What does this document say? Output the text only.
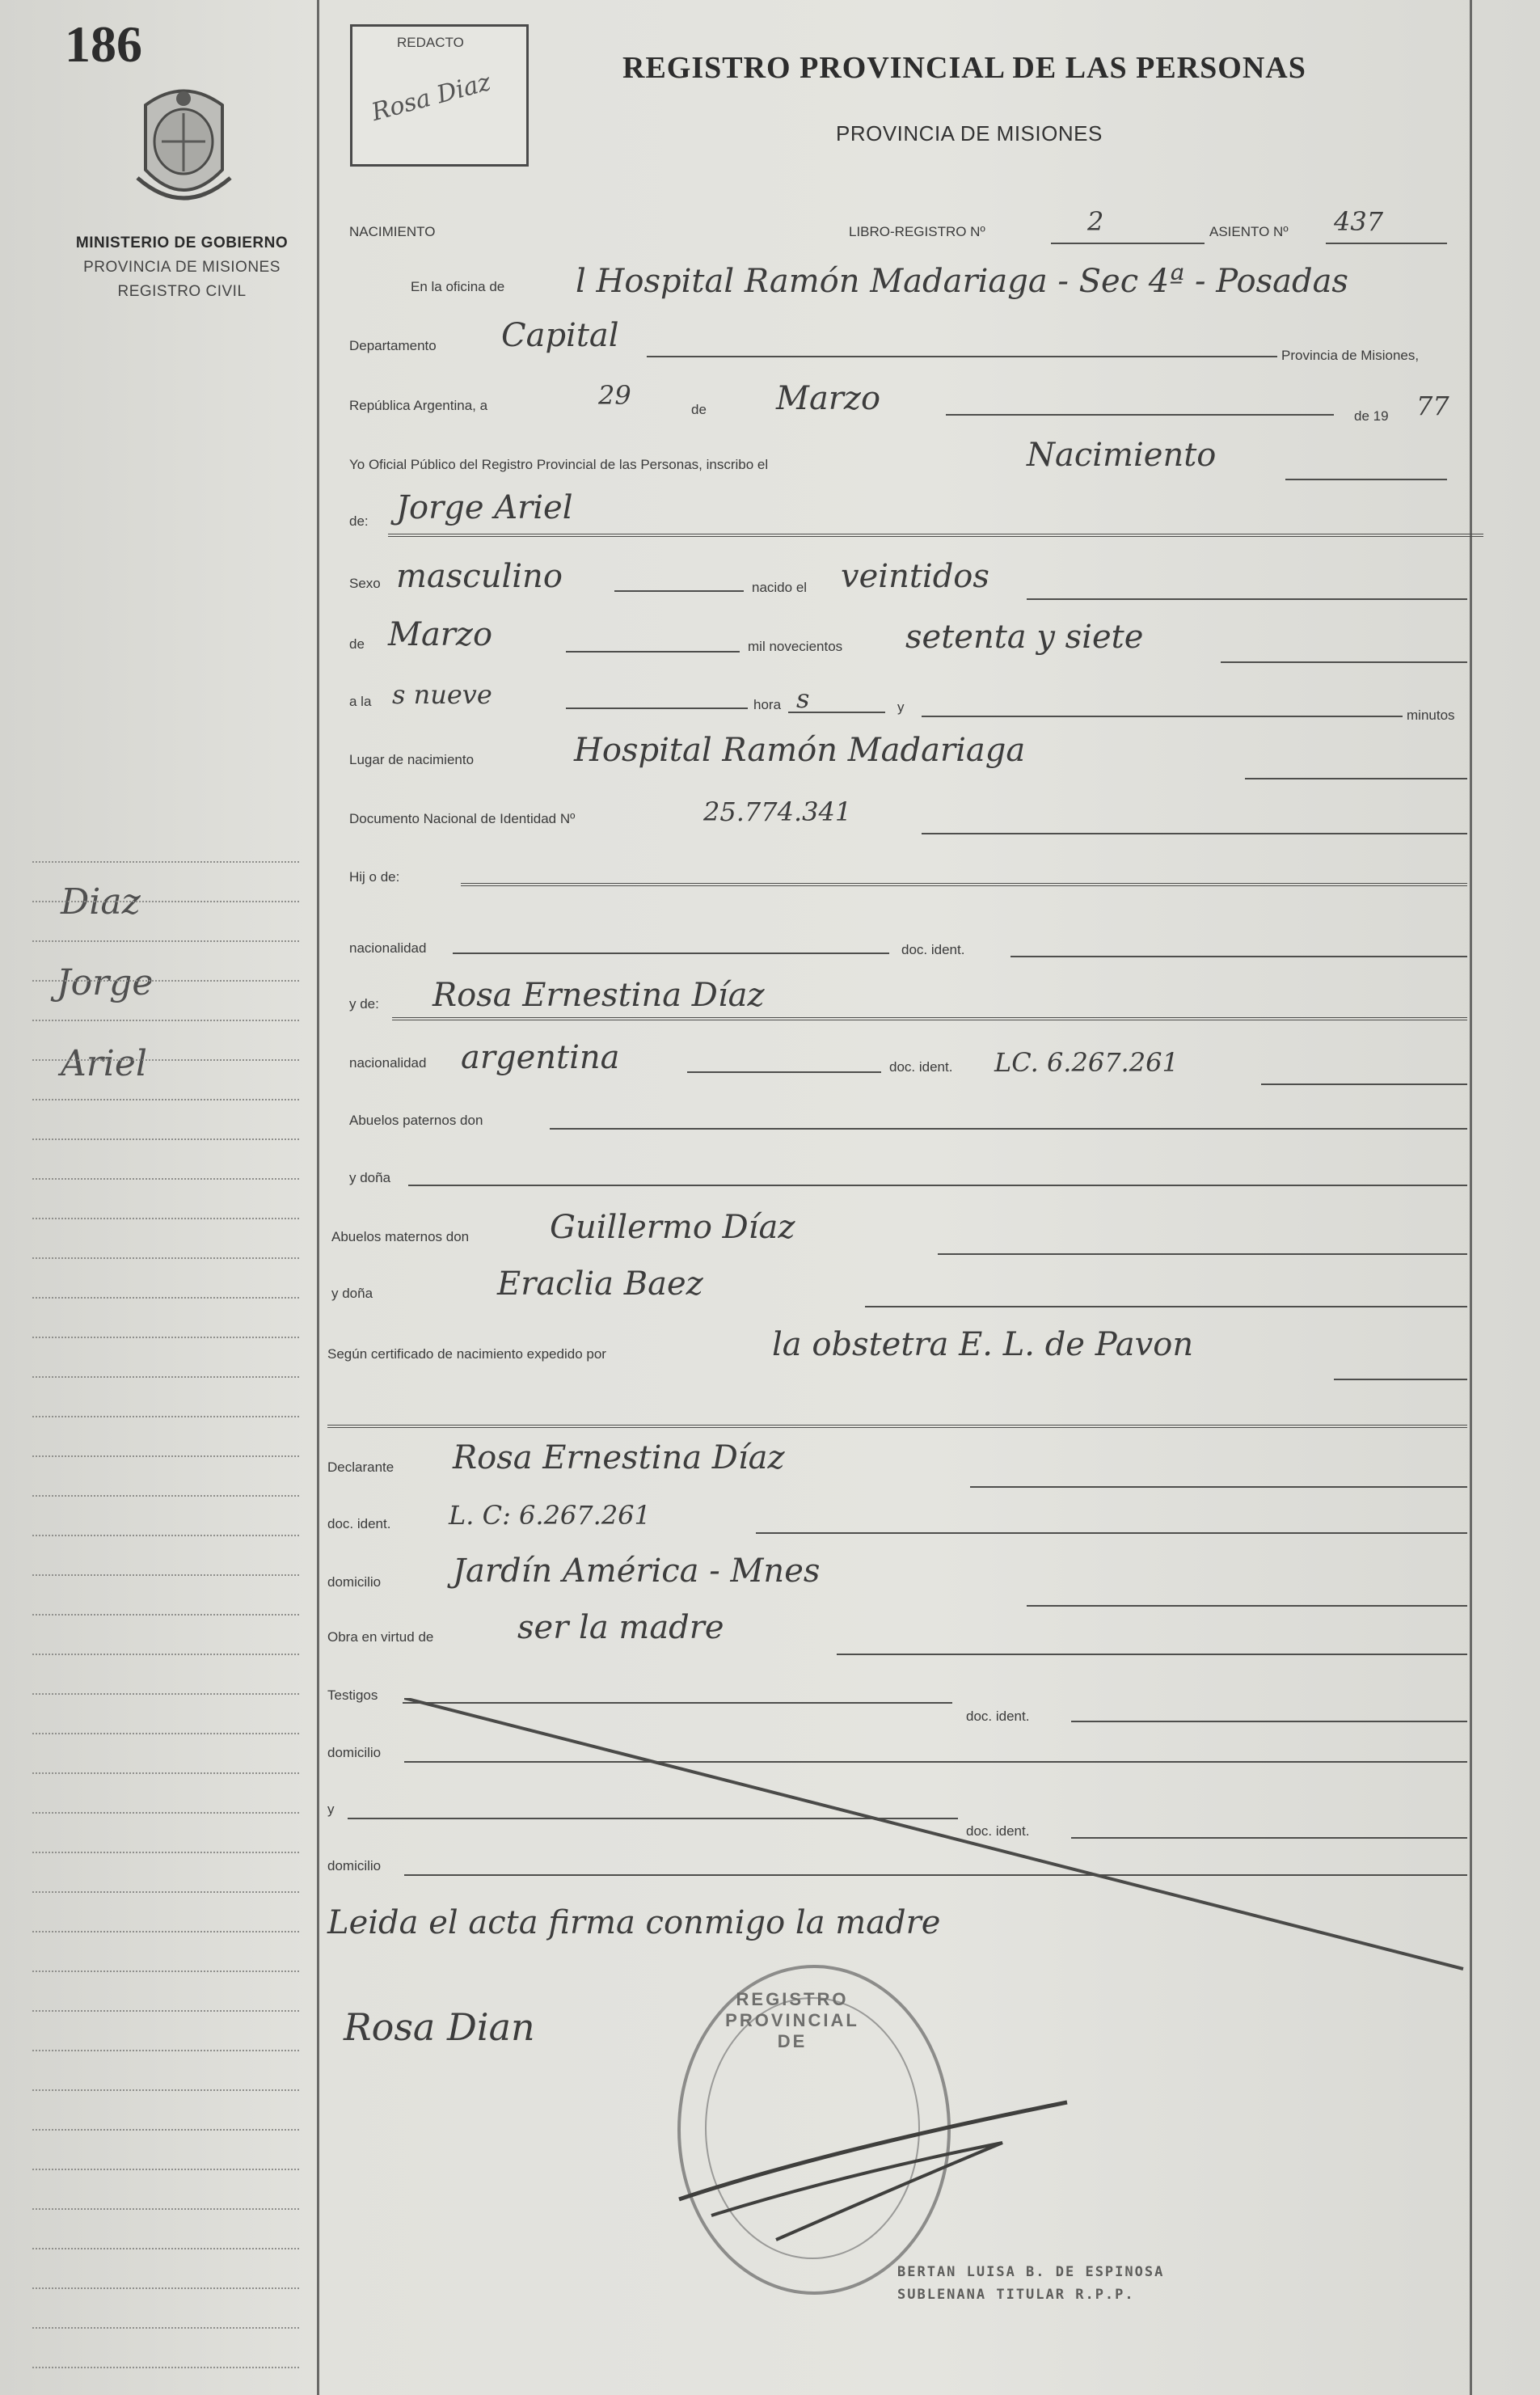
186
MINISTERIO DE GOBIERNO
PROVINCIA DE MISIONES
REGISTRO CIVIL
Diaz
Jorge
Ariel
REDACTO
Rosa Diaz
REGISTRO PROVINCIAL DE LAS PERSONAS
PROVINCIA DE MISIONES
NACIMIENTO	LIBRO-REGISTRO Nº	2	ASIENTO Nº 437
En la oficina de l Hospital Ramón Madariaga - Sec 4ª - Posadas
Departamento Capital
Provincia de Misiones,
República Argentina, a	29	de Marzo	de 19 77
Yo Oficial Público del Registro Provincial de las Personas, inscribo el	Nacimiento
de: Jorge Ariel
Sexo masculino	nacido el veintidos
de Marzo	mil novecientos setenta y siete
a la s nueve	hora s	y
minutos
Lugar de nacimiento	Hospital Ramón Madariaga
Documento Nacional de Identidad Nº	25.774.341
Hij o de:
nacionalidad	doc. ident.
y de: Rosa Ernestina Díaz
nacionalidad argentina	doc. ident. LC. 6.267.261
Abuelos paternos don
y doña
Abuelos maternos don Guillermo Díaz
y doña	Eraclia Baez
Según certificado de nacimiento expedido por	la obstetra E. L. de Pavon
Declarante Rosa Ernestina Díaz
doc. ident. L. C: 6.267.261
domicilio Jardín América - Mnes
Obra en virtud de	ser la madre
Testigos
doc. ident.
domicilio
y
doc. ident.
domicilio
Leida el acta firma conmigo la madre
Rosa Dian
REGISTRO PROVINCIAL DE
BERTAN LUISA B. DE ESPINOSA
SUBLENANA TITULAR R.P.P.
